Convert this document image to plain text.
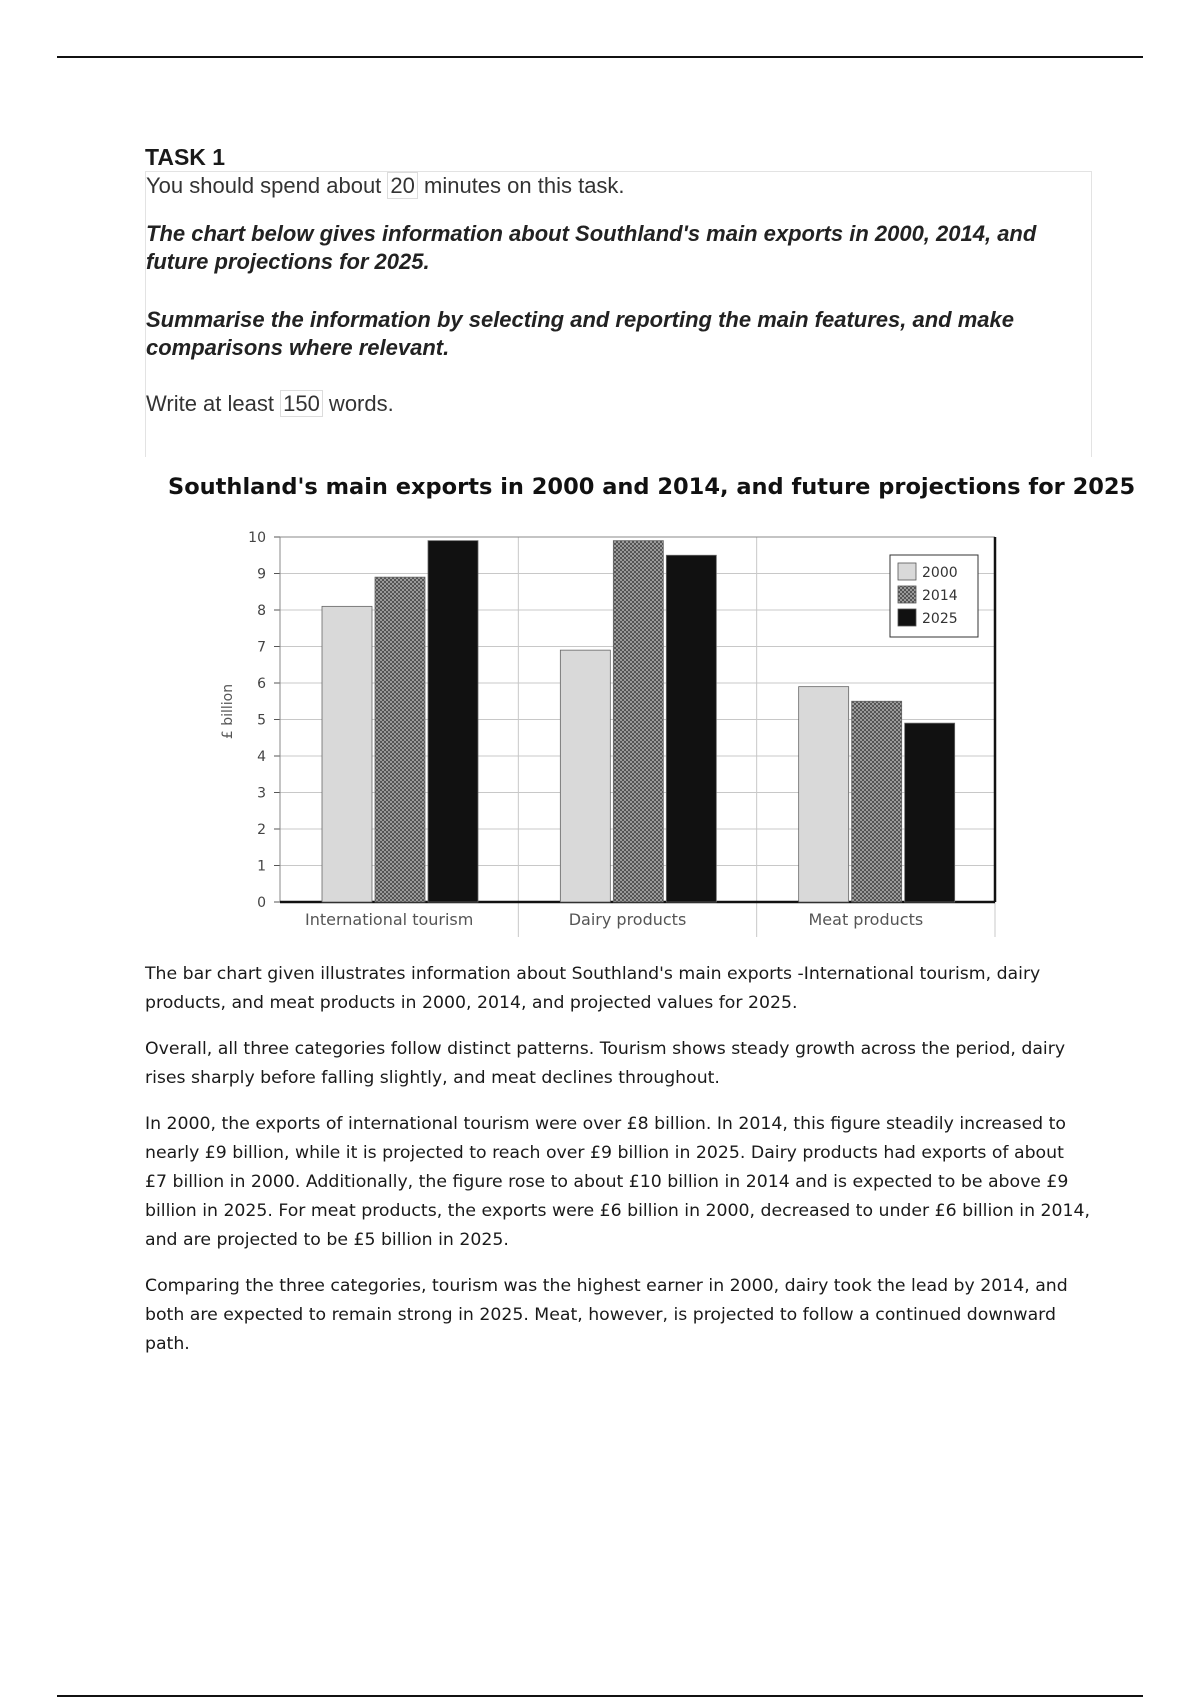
TASK 1

You should spend about 20 minutes on this task.

The chart below gives information about Southland's main exports in 2000, 2014, and future projections for 2025.

Summarise the information by selecting and reporting the main features, and make comparisons where relevant.

Write at least 150 words.

Southland's main exports in 2000 and 2014, and future projections for 2025
0
1
2
3
4
5
6
7
8
9
10
International tourism	Dairy products	Meat products
£ billion
2000
2014
2025

The bar chart given illustrates information about Southland's main exports -International tourism, dairy products, and meat products in 2000, 2014, and projected values for 2025.

Overall, all three categories follow distinct patterns. Tourism shows steady growth across the period, dairy rises sharply before falling slightly, and meat declines throughout.

In 2000, the exports of international tourism were over £8 billion. In 2014, this figure steadily increased to nearly £9 billion, while it is projected to reach over £9 billion in 2025. Dairy products had exports of about £7 billion in 2000. Additionally, the figure rose to about £10 billion in 2014 and is expected to be above £9 billion in 2025. For meat products, the exports were £6 billion in 2000, decreased to under £6 billion in 2014, and are projected to be £5 billion in 2025.

Comparing the three categories, tourism was the highest earner in 2000, dairy took the lead by 2014, and both are expected to remain strong in 2025. Meat, however, is projected to follow a continued downward path.
